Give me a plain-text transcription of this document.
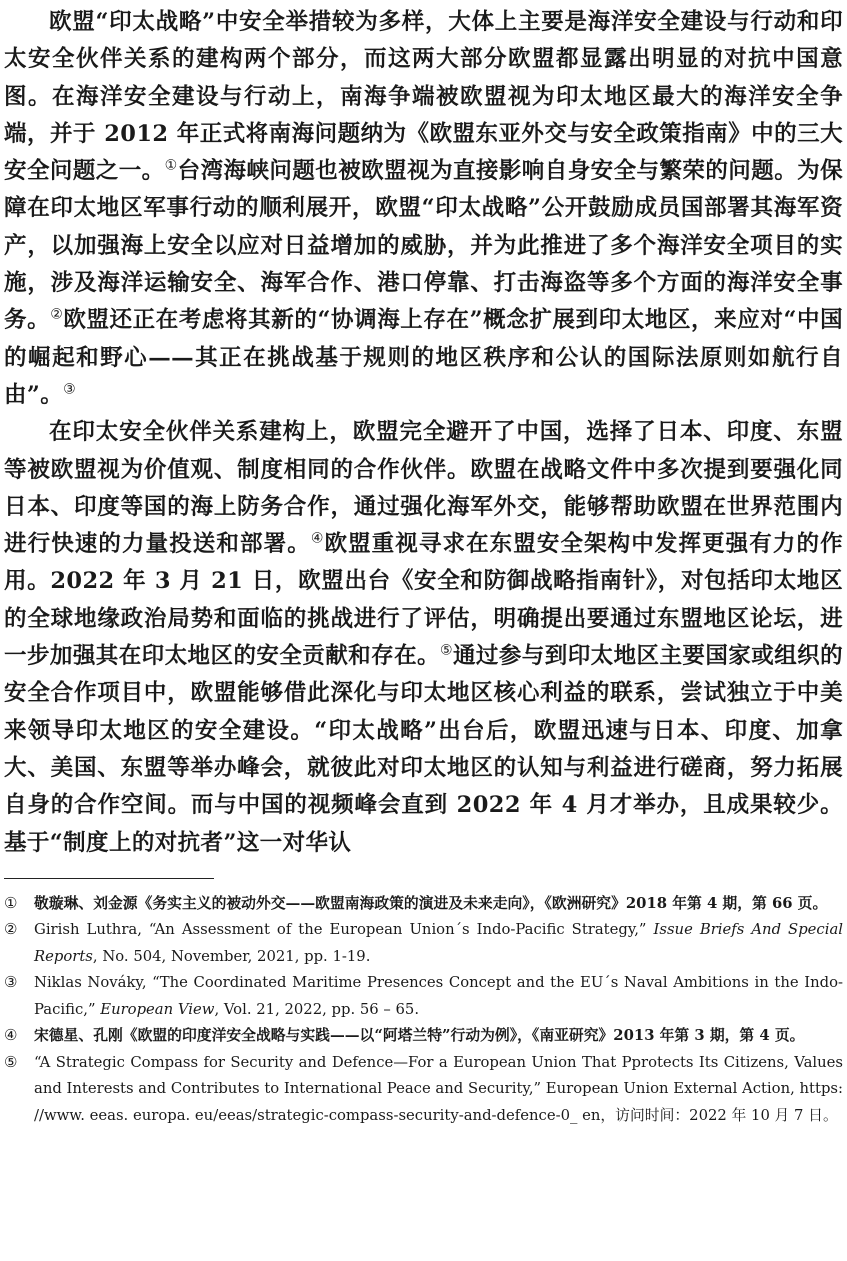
欧盟“印太战略”中安全举措较为多样，大体上主要是海洋安全建设与行动和印太安全伙伴关系的建构两个部分，而这两大部分欧盟都显露出明显的对抗中国意图。在海洋安全建设与行动上，南海争端被欧盟视为印太地区最大的海洋安全争端，并于 2012 年正式将南海问题纳为《欧盟东亚外交与安全政策指南》中的三大安全问题之一。①台湾海峡问题也被欧盟视为直接影响自身安全与繁荣的问题。为保障在印太地区军事行动的顺利展开，欧盟“印太战略”公开鼓励成员国部署其海军资产，以加强海上安全以应对日益增加的威胁，并为此推进了多个海洋安全项目的实施，涉及海洋运输安全、海军合作、港口停靠、打击海盗等多个方面的海洋安全事务。②欧盟还正在考虑将其新的“协调海上存在”概念扩展到印太地区，来应对“中国的崛起和野心——其正在挑战基于规则的地区秩序和公认的国际法原则如航行自由”。③

在印太安全伙伴关系建构上，欧盟完全避开了中国，选择了日本、印度、东盟等被欧盟视为价值观、制度相同的合作伙伴。欧盟在战略文件中多次提到要强化同日本、印度等国的海上防务合作，通过强化海军外交，能够帮助欧盟在世界范围内进行快速的力量投送和部署。④欧盟重视寻求在东盟安全架构中发挥更强有力的作用。2022 年 3 月 21 日，欧盟出台《安全和防御战略指南针》，对包括印太地区的全球地缘政治局势和面临的挑战进行了评估，明确提出要通过东盟地区论坛，进一步加强其在印太地区的安全贡献和存在。⑤通过参与到印太地区主要国家或组织的安全合作项目中，欧盟能够借此深化与印太地区核心利益的联系，尝试独立于中美来领导印太地区的安全建设。“印太战略”出台后，欧盟迅速与日本、印度、加拿大、美国、东盟等举办峰会，就彼此对印太地区的认知与利益进行磋商，努力拓展自身的合作空间。而与中国的视频峰会直到 2022 年 4 月才举办，且成果较少。基于“制度上的对抗者”这一对华认

① 敬璇琳、刘金源《务实主义的被动外交——欧盟南海政策的演进及未来走向》，《欧洲研究》2018 年第 4 期，第 66 页。
② Girish Luthra, “An Assessment of the European Union´s Indo-Pacific Strategy,” Issue Briefs And Special Reports, No. 504, November, 2021, pp. 1-19.
③ Niklas Nováky, “The Coordinated Maritime Presences Concept and the EU´s Naval Ambitions in the Indo-Pacific,” European View, Vol. 21, 2022, pp. 56 – 65.
④ 宋德星、孔刚《欧盟的印度洋安全战略与实践——以“阿塔兰特”行动为例》，《南亚研究》2013 年第 3 期，第 4 页。
⑤ “A Strategic Compass for Security and Defence—For a European Union That Pprotects Its Citizens, Values and Interests and Contributes to International Peace and Security,” European Union External Action, https: //www. eeas. europa. eu/eeas/strategic-compass-security-and-defence-0_ en，访问时间：2022 年 10 月 7 日。
